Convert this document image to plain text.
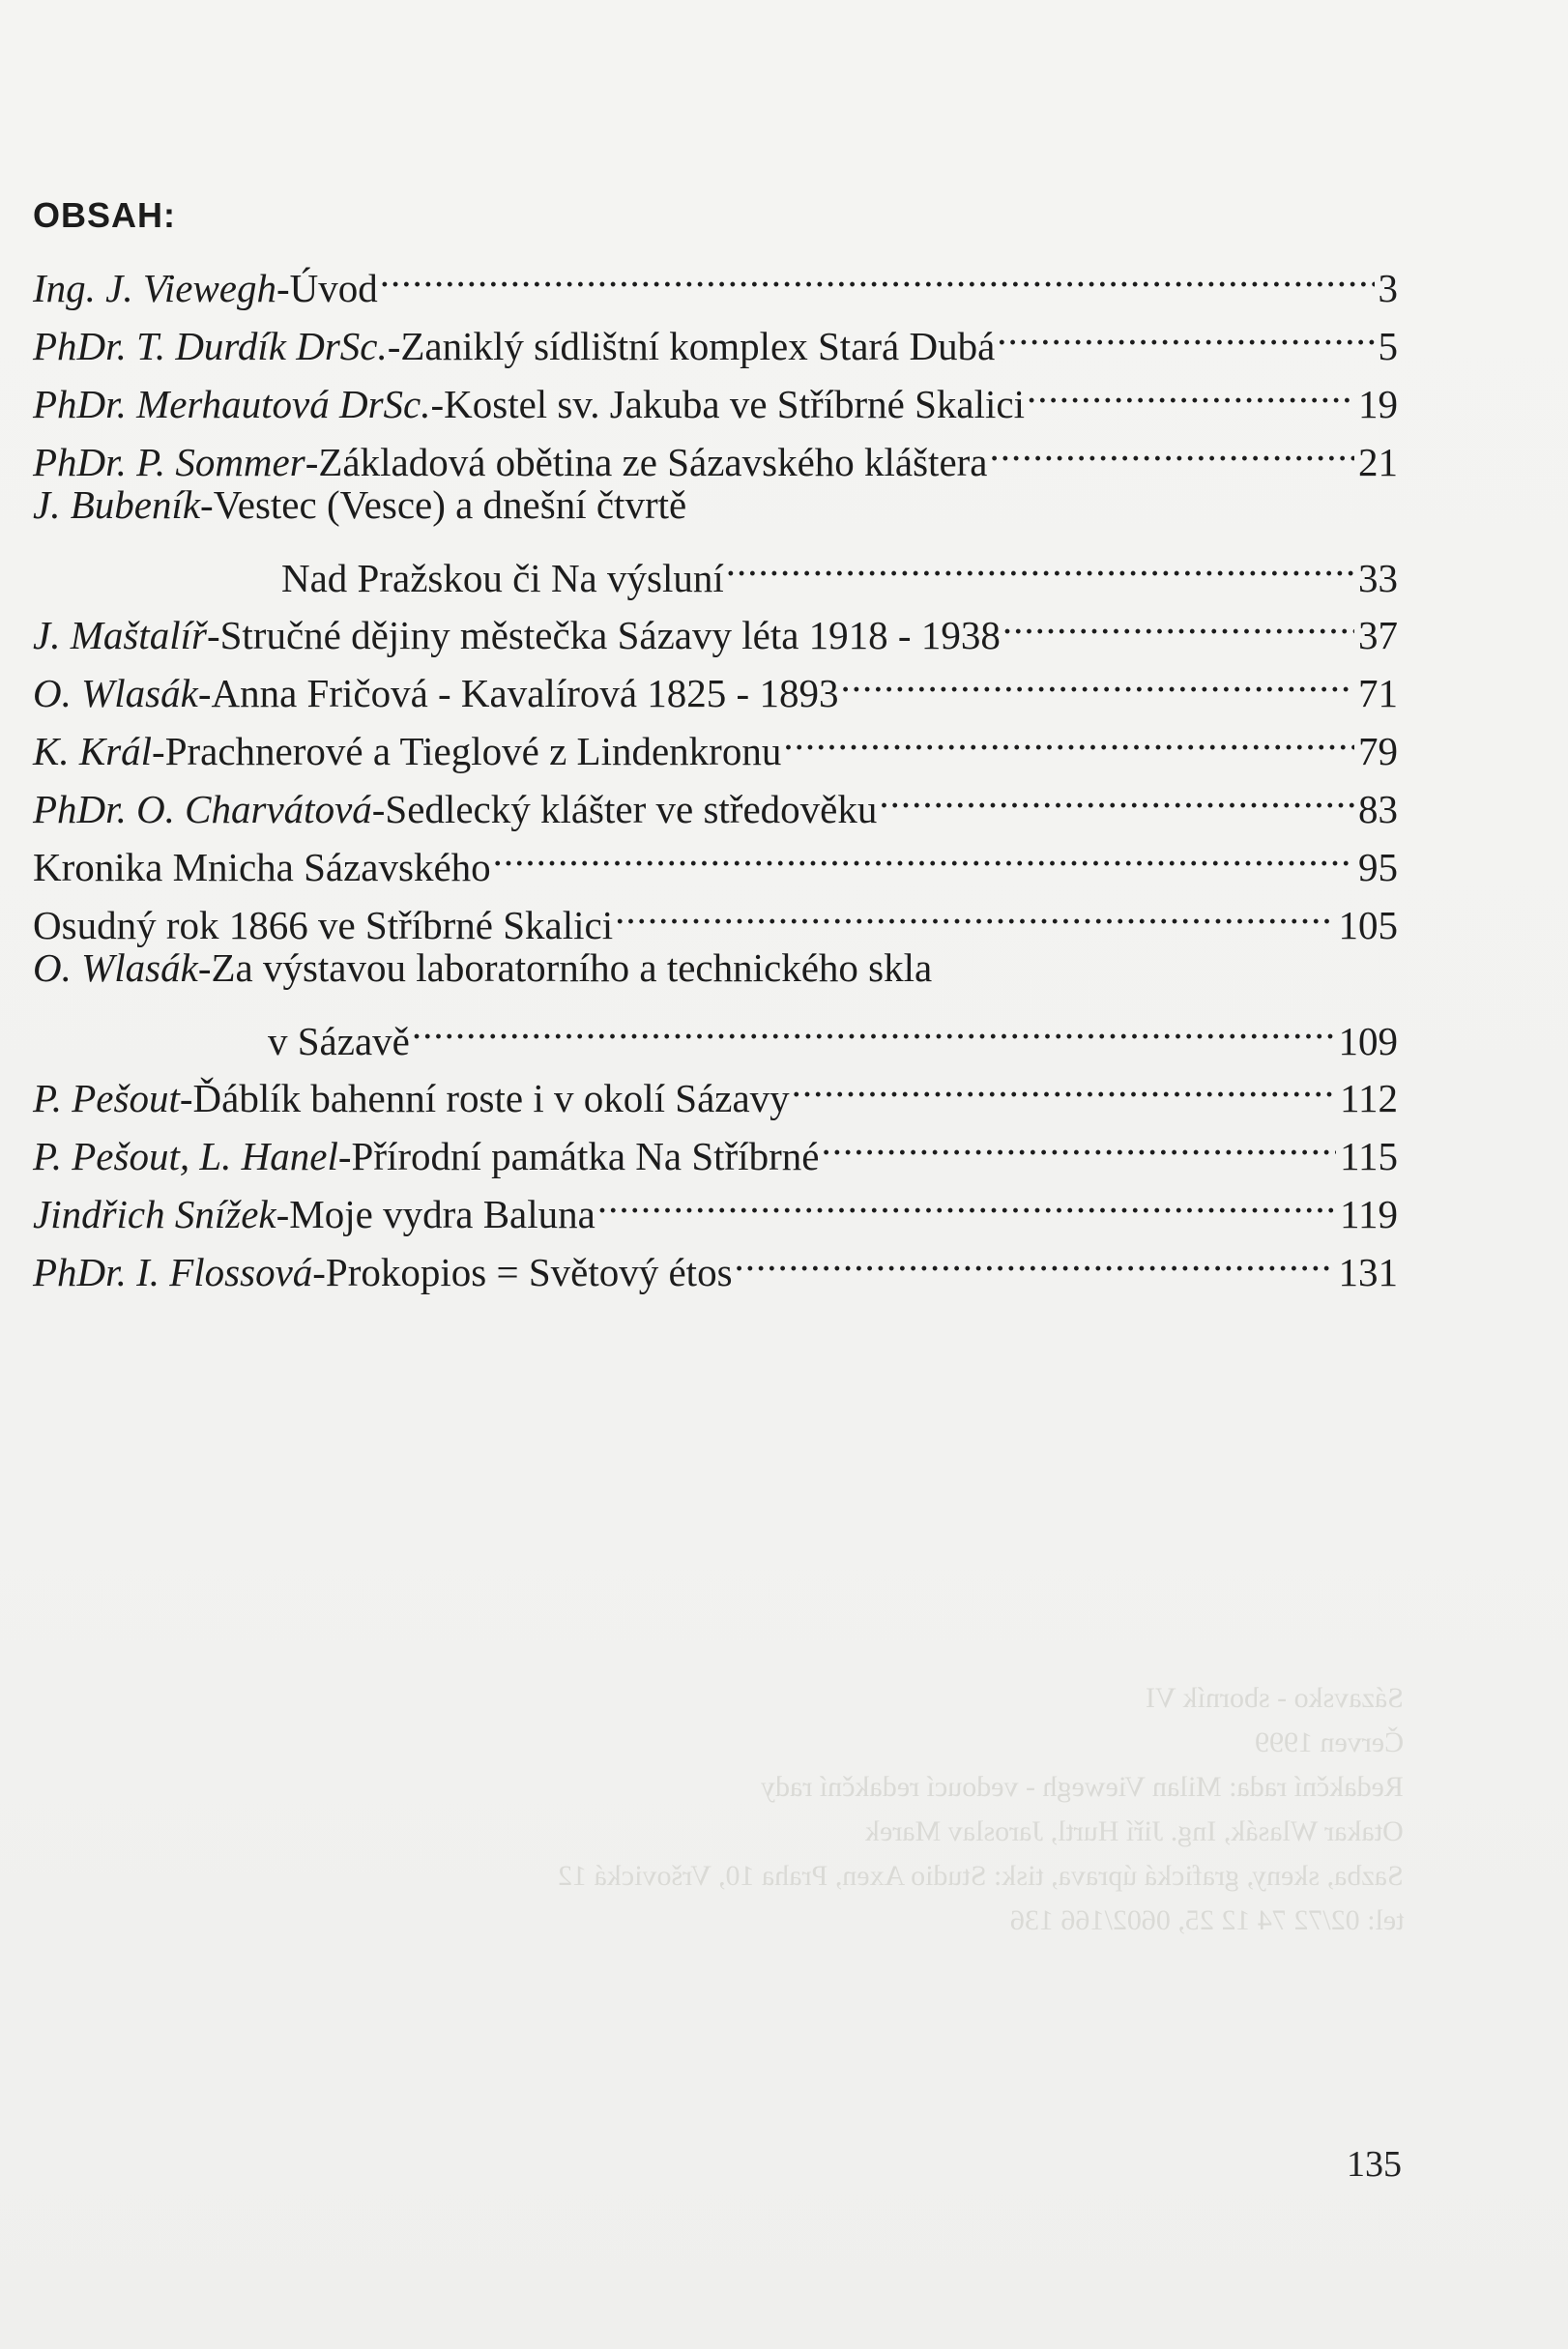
OBSAH:
Ing. J. Viewegh - Úvod .....	3
PhDr. T. Durdík DrSc. - Zaniklý sídlištní komplex Stará Dubá .....	5
PhDr. Merhautová DrSc. - Kostel sv. Jakuba ve Stříbrné Skalici .....	19
PhDr. P. Sommer - Základová obětina ze Sázavského kláštera .....	21
J. Bubeník - Vestec (Vesce) a dnešní čtvrtě
Nad Pražskou či Na výsluní .....	33
J. Maštalíř - Stručné dějiny městečka Sázavy léta 1918 - 1938 .....	37
O. Wlasák - Anna Fričová - Kavalírová 1825 - 1893 .....	71
K. Král - Prachnerové a Tieglové z Lindenkronu .....	79
PhDr. O. Charvátová - Sedlecký klášter ve středověku .....	83
Kronika Mnicha Sázavského .....	95
Osudný rok 1866 ve Stříbrné Skalici .....	105
O. Wlasák - Za výstavou laboratorního a technického skla
v Sázavě .....	109
P. Pešout - Ďáblík bahenní roste i v okolí Sázavy .....	112
P. Pešout, L. Hanel - Přírodní památka Na Stříbrné .....	115
Jindřich Snížek - Moje vydra Baluna .....	119
PhDr. I. Flossová - Prokopios = Světový étos .....	131
Sázavsko - sborník VI
Červen 1999
Redakční rada: Milan Viewegh - vedoucí redakční rady
Otakar Wlasák, Ing. Jiří Hurtl, Jaroslav Marek
Sazba, skeny, grafická úprava, tisk: Studio Axen, Praha 10, Vršovická 12
tel: 02/72 74 12 25, 0602/166 136
135
